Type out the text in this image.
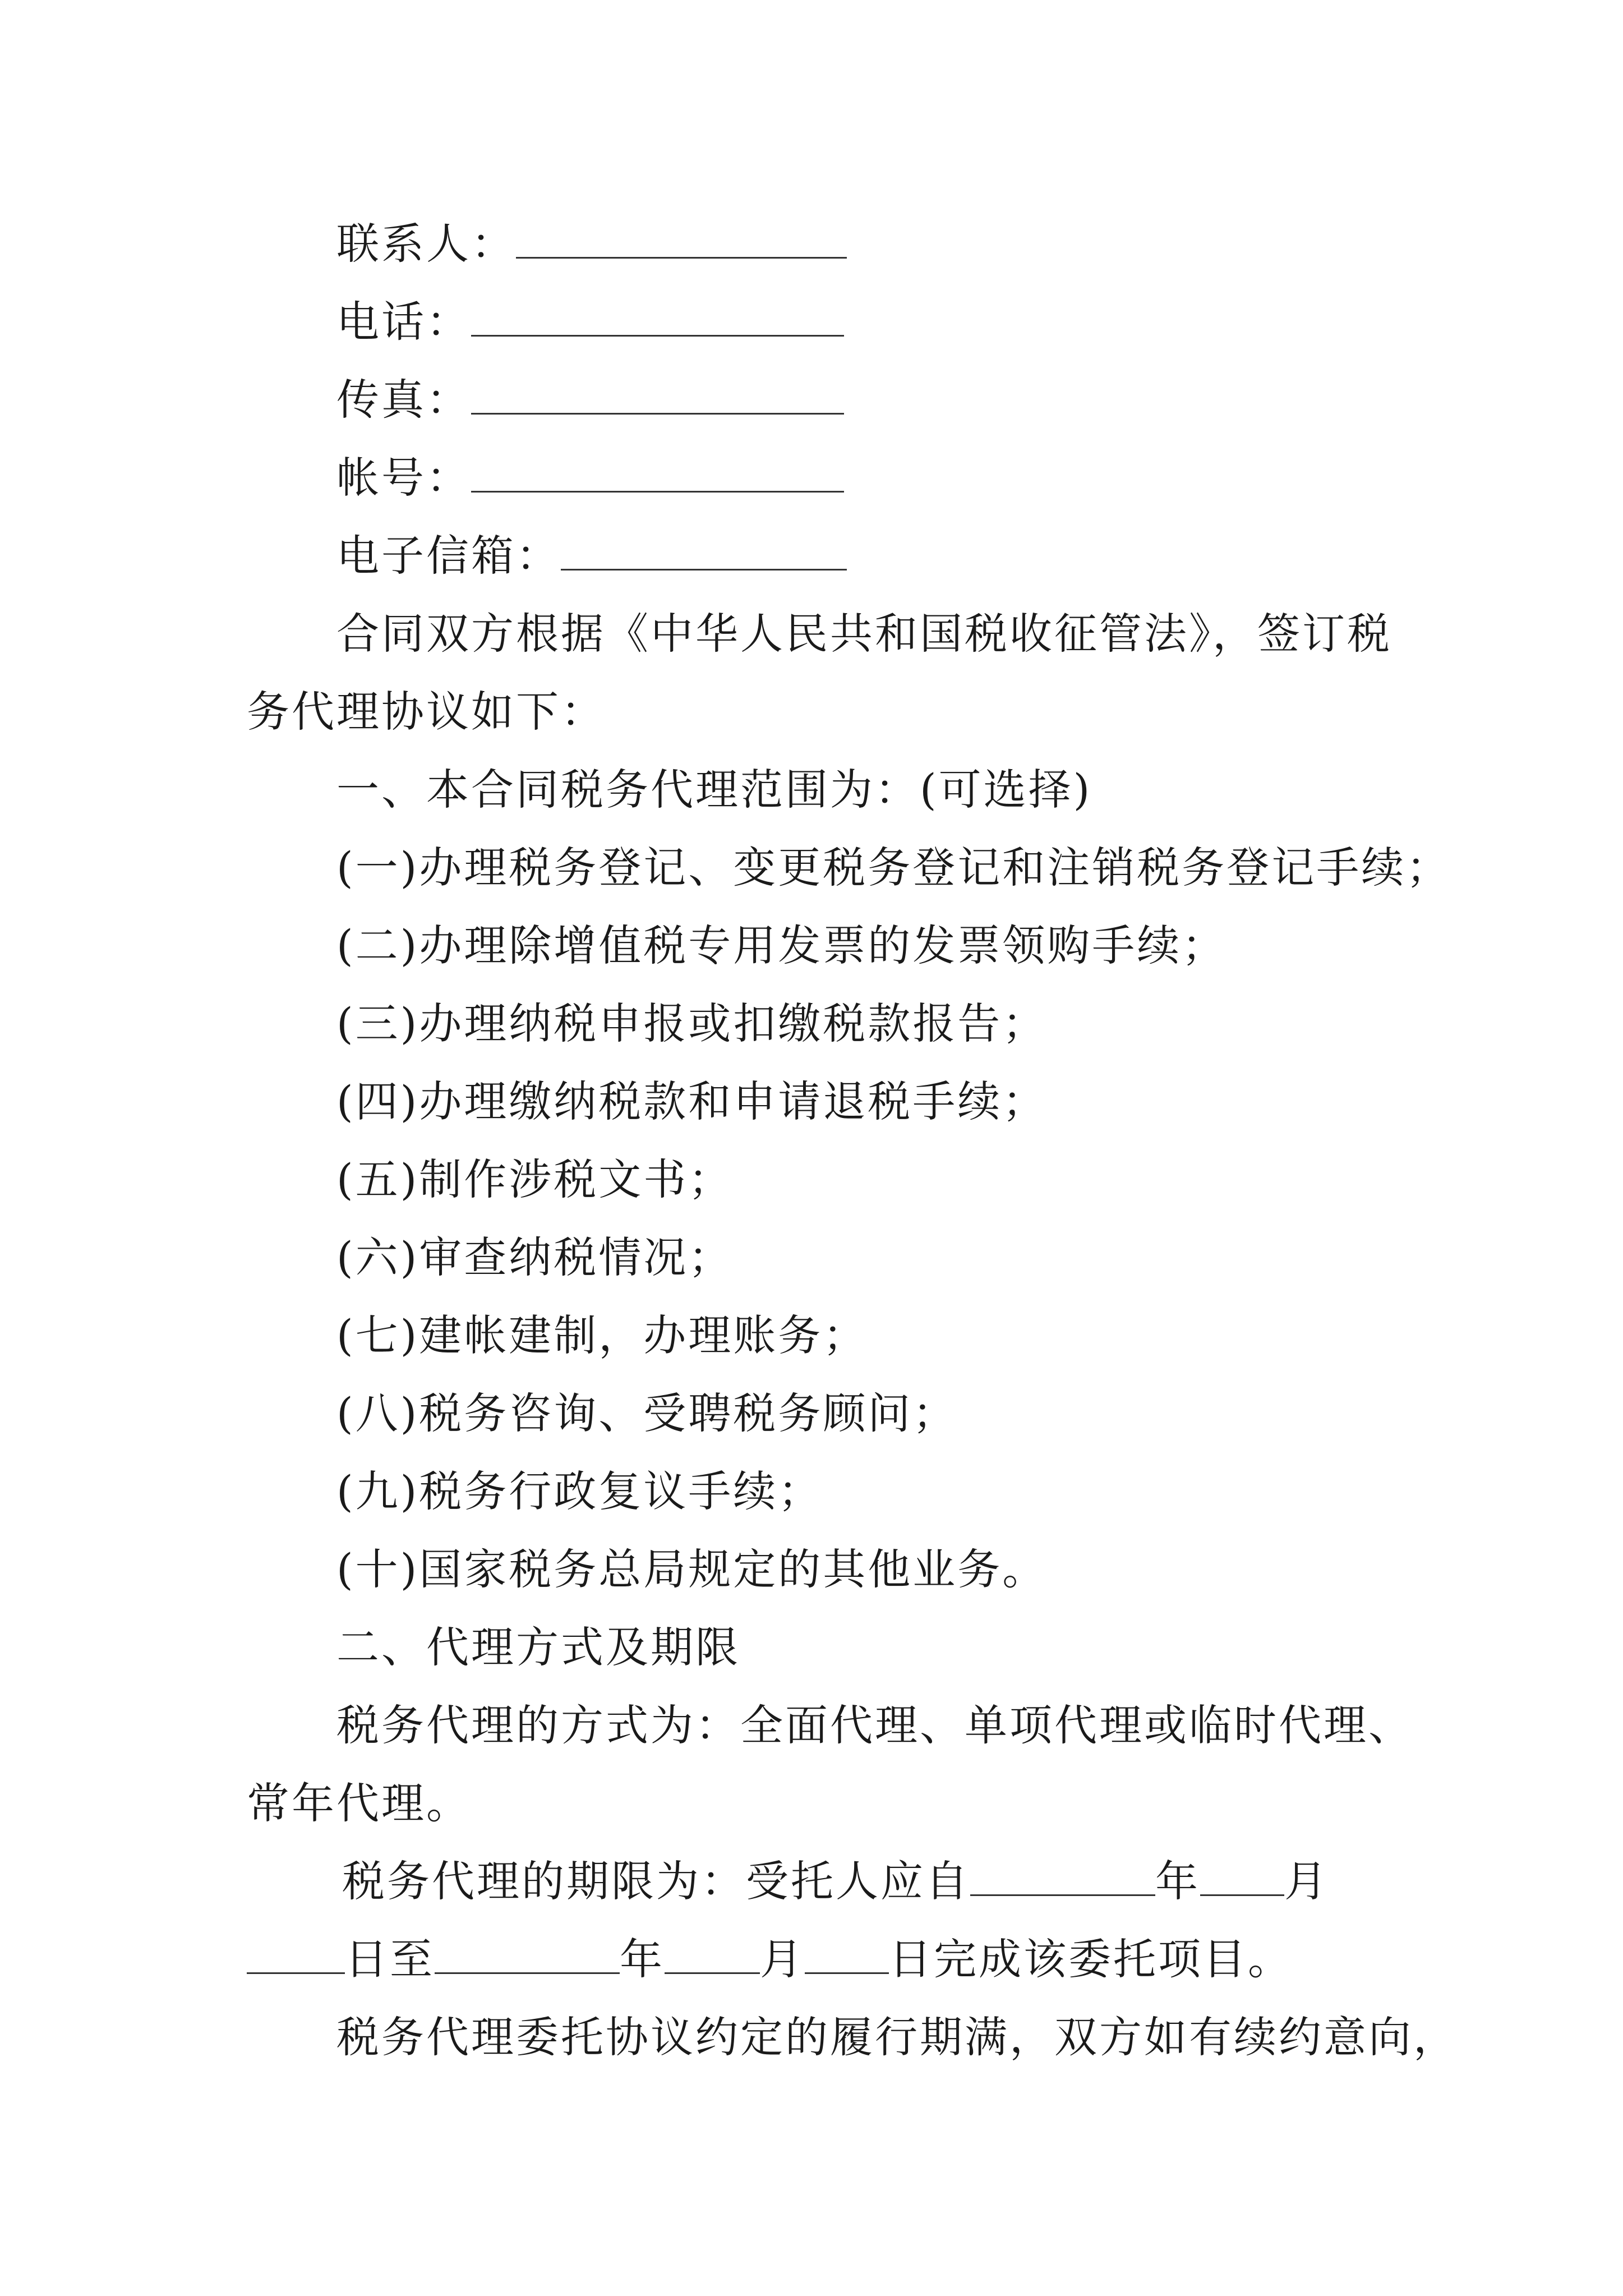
联系人：
电话：
传真：
帐号：
电子信箱：
合同双方根据《中华人民共和国税收征管法》，签订税
务代理协议如下：
一、本合同税务代理范围为：(可选择)
(一)办理税务登记、变更税务登记和注销税务登记手续；
(二)办理除增值税专用发票的发票领购手续；
(三)办理纳税申报或扣缴税款报告；
(四)办理缴纳税款和申请退税手续；
(五)制作涉税文书；
(六)审查纳税情况；
(七)建帐建制，办理账务；
(八)税务咨询、受聘税务顾问；
(九)税务行政复议手续；
(十)国家税务总局规定的其他业务。
二、代理方式及期限
税务代理的方式为：全面代理、单项代理或临时代理、
常年代理。
税务代理的期限为：受托人应自	年 月
日至	年 月 日完成该委托项目。
税务代理委托协议约定的履行期满，双方如有续约意向，
